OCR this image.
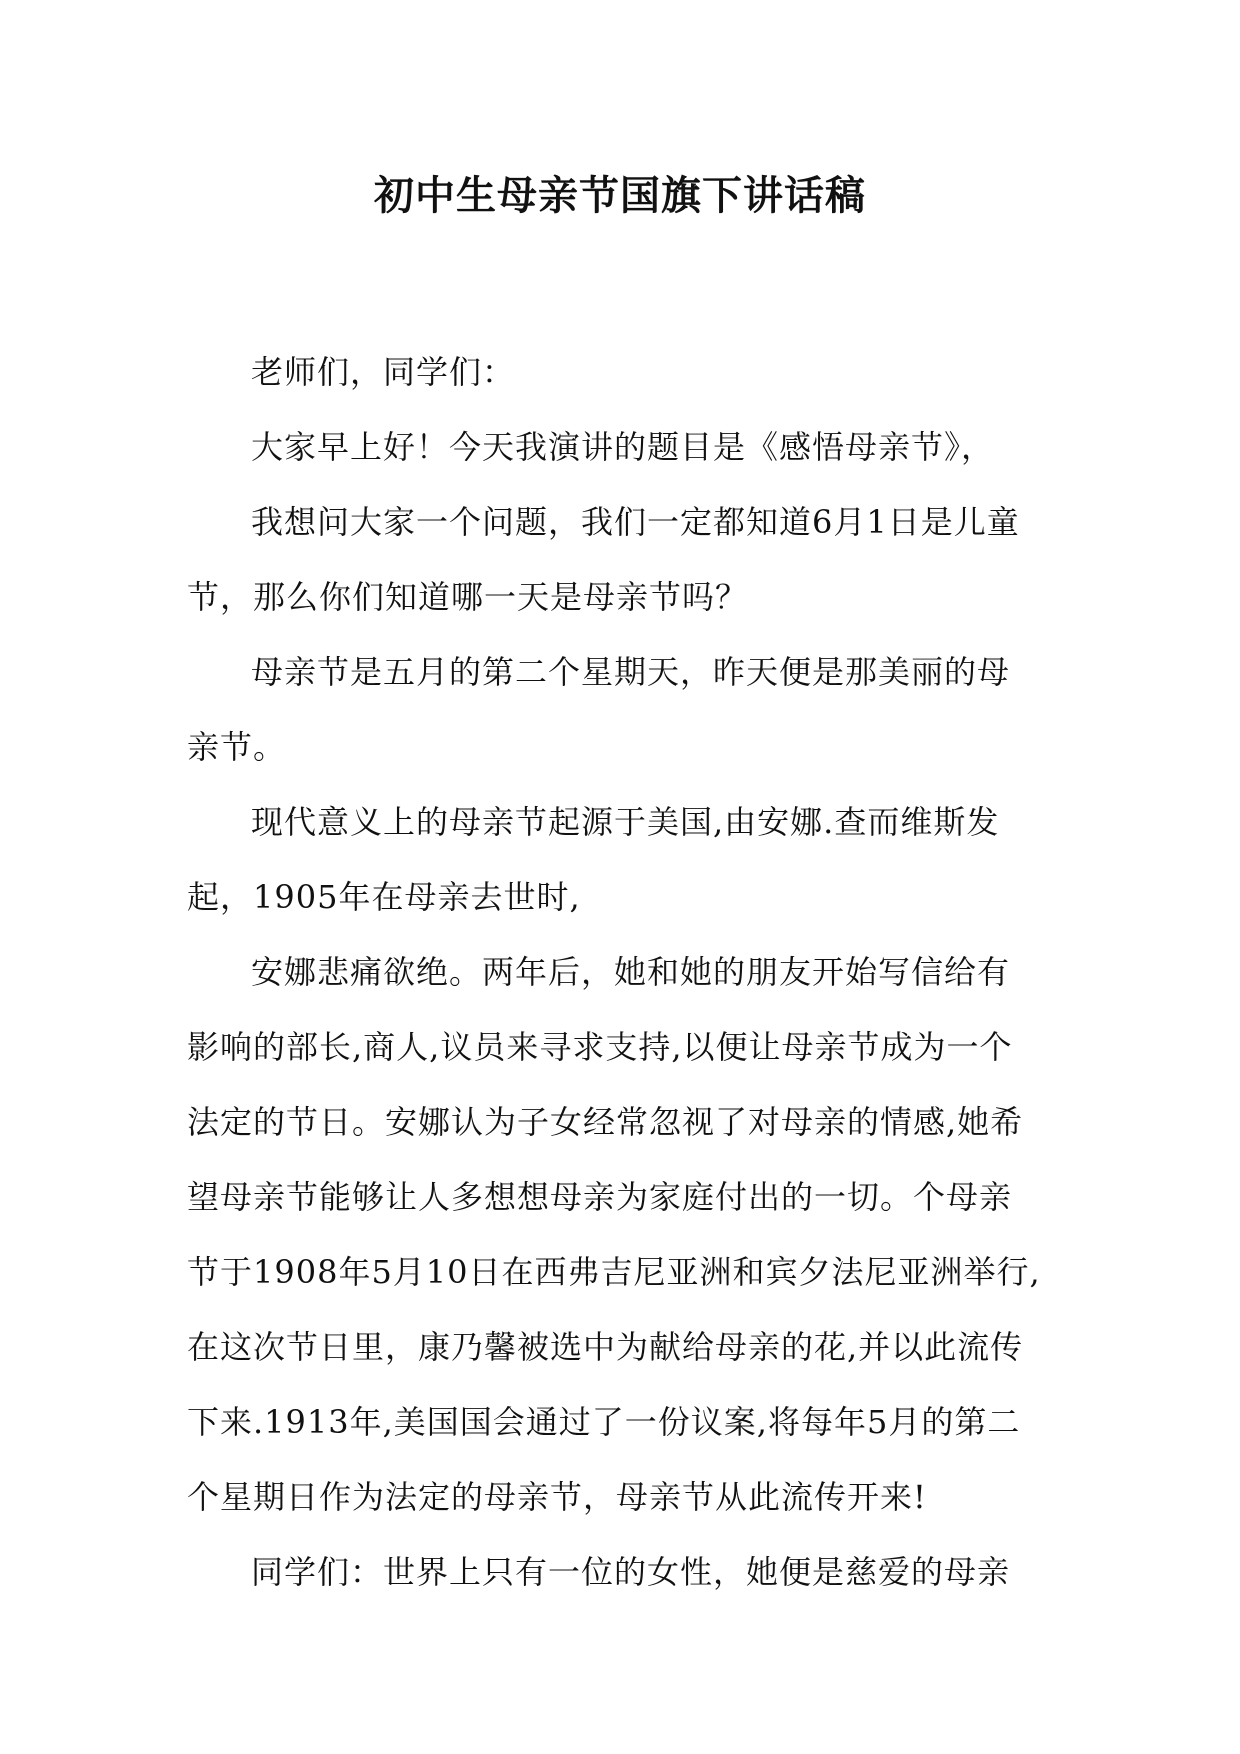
初中生母亲节国旗下讲话稿

老师们，同学们：

大家早上好！今天我演讲的题目是《感悟母亲节》，

我想问大家一个问题，我们一定都知道6月1日是儿童

节，那么你们知道哪一天是母亲节吗？

母亲节是五月的第二个星期天，昨天便是那美丽的母

亲节。

现代意义上的母亲节起源于美国,由安娜.查而维斯发

起，1905年在母亲去世时,

安娜悲痛欲绝。两年后，她和她的朋友开始写信给有

影响的部长,商人,议员来寻求支持,以便让母亲节成为一个

法定的节日。安娜认为子女经常忽视了对母亲的情感,她希

望母亲节能够让人多想想母亲为家庭付出的一切。个母亲

节于1908年5月10日在西弗吉尼亚洲和宾夕法尼亚洲举行,

在这次节日里，康乃馨被选中为献给母亲的花,并以此流传

下来.1913年,美国国会通过了一份议案,将每年5月的第二

个星期日作为法定的母亲节，母亲节从此流传开来!

同学们：世界上只有一位的女性，她便是慈爱的母亲
